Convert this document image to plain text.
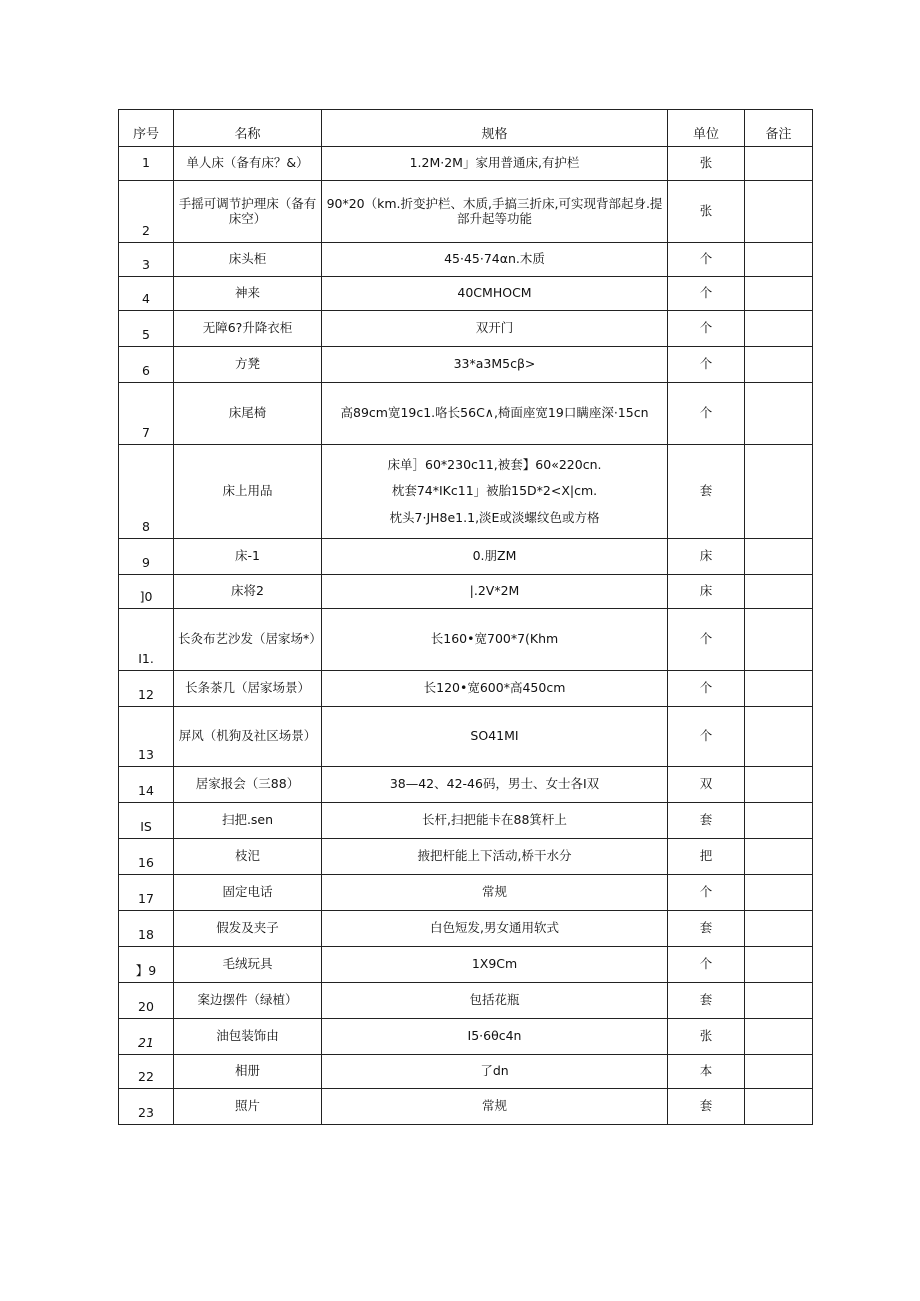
序号	名称	规格	单位	备注
1	单人床（备有床？&）	1.2M·2M」家用普通床,有护栏	张	
2	手摇可调节护理床（备有床空）	90*20（km.折变护栏、木质,手搞三折床,可实现背部起身.提部升起等功能	张	
3	床头柜	45·45·74αn.木质	个	
4	神来	40CMHOCM	个	
5	无障6?升降衣柜	双开门	个	
6	方凳	33*a3M5cβ>	个	
7	床尾椅	高89cm宽19c1.咯长56C∧,椅面座宽19口瞒座深·15cn	个	
8	床上用品	床单］60*230c11,被套】60«220cn.
枕套74*IKc11」被胎15D*2<X|cm.
枕头7·JH8e1.1,淡E或淡螺纹色或方格	套	
9	床-1	0.朋ZM	床	
]0	床将2	|.2V*2M	床	
I1.	长灸布艺沙发（居家场*）	长160•宽700*7(Khm	个	
12	长条茶几（居家场景）	长120•宽600*高450cm	个	
13	屏风（机狗及社区场景）	SO41MI	个	
14	居家报会（三88）	38—42、42-46码，男士、女士各I双	双	
IS	扫把.sen	长杆,扫把能卡在88箕杆上	套	
16	枝汜	掖把杆能上下活动,桥干水分	把	
17	固定电话	常规	个	
18	假发及夹子	白色短发,男女通用软式	套	
】9	毛绒玩具	1X9Cm	个	
20	案边摆件（绿植）	包括花瓶	套	
21	油包装饰由	I5·6θc4n	张	
22	相册	了dn	本	
23	照片	常规	套	
